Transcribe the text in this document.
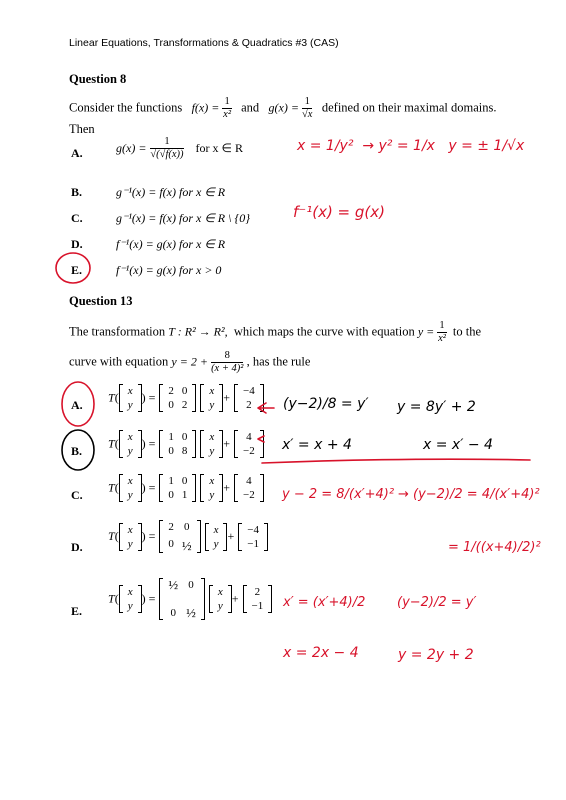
Linear Equations, Transformations & Quadratics #3 (CAS)
Question 8
Consider the functions $f(x) = \frac{1}{\text{x²}}$ and $g(x) = \frac{1}{√x}$ defined on their maximal domains.
Then
A.	$g(x) = \frac{1}{√(√f(x))}$ for x ∈ R
B.	g⁻¹(x) = f(x) for x ∈ R
C.	g⁻¹(x) = f(x) for x ∈ R \ {0}
D.	f⁻¹(x) = g(x) for x ∈ R
E.	f⁻¹(x) = g(x) for x > 0
Question 13
The transformation T : R² → R², which maps the curve with equation $y = \frac{1}{\text{x²}}$ to the
curve with equation $y = 2 + \frac{8}{\text{(x + 4)²}}$ , has the rule
A.
T( x
y
) = 2	0
0	2

x
y
+ −4
2
B.
T( x
y
) = 1	0
0	8

x
y
+ 4
−2
C.
T( x
y
) = 1	0
0	1

x
y
+ 4
−2
D.
T( x
y
) =
2	0
0	½

x
y
+ −4
−1
E.
T( x
y
) =
½	0
0	½

x
y
+ 2
−1
x = 1/y² → y² = 1/x y = ± 1/√x
f⁻¹(x) = g(x)
(y−2)/8 = y′ y = 8y′ + 2
x′ = x + 4	x = x′ − 4
y − 2 = 8/(x′+4)² → (y−2)/2 = 4/(x′+4)²
= 1/((x+4)/2)²
x′ = (x′+4)/2 (y−2)/2 = y′
x = 2x − 4	y = 2y + 2
